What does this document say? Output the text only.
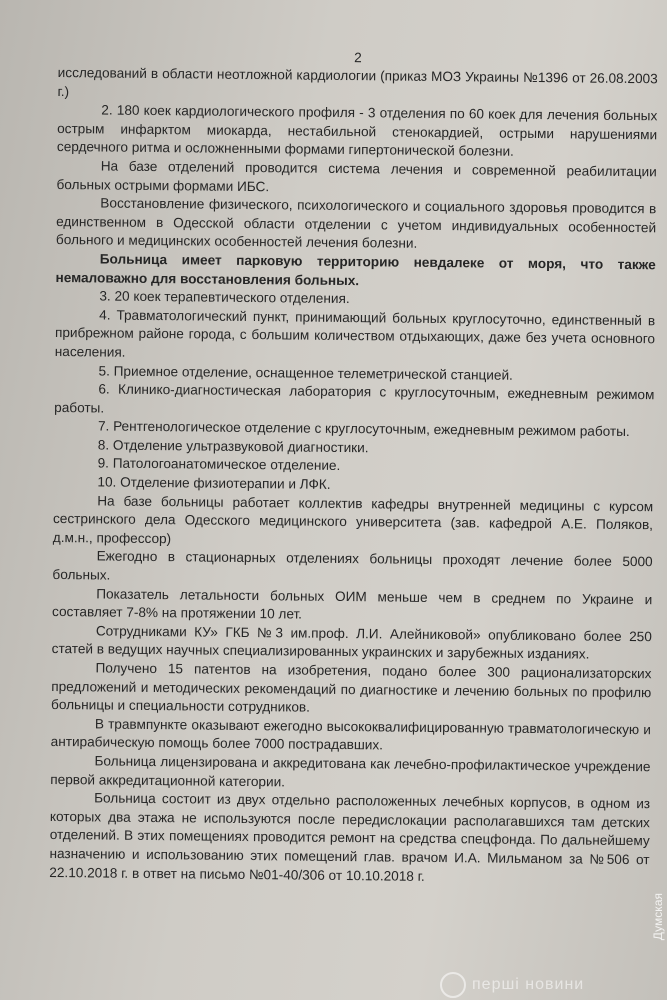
2

исследований в области неотложной кардиологии (приказ МОЗ Украины №1396 от 26.08.2003 г.)

2. 180 коек кардиологического профиля - 3 отделения по 60 коек для лечения больных острым инфарктом миокарда, нестабильной стенокардией, острыми нарушениями сердечного ритма и осложненными формами гипертонической болезни.

На базе отделений проводится система лечения и современной реабилитации больных острыми формами ИБС.

Восстановление физического, психологического и социального здоровья проводится в единственном в Одесской области отделении с учетом индивидуальных особенностей больного и медицинских особенностей лечения болезни.

Больница имеет парковую территорию невдалеке от моря, что также немаловажно для восстановления больных.

3. 20 коек терапевтического отделения.

4. Травматологический пункт, принимающий больных круглосуточно, единственный в прибрежном районе города, с большим количеством отдыхающих, даже без учета основного населения.

5. Приемное отделение, оснащенное телеметрической станцией.

6. Клинико-диагностическая лаборатория с круглосуточным, ежедневным режимом работы.

7. Рентгенологическое отделение с круглосуточным, ежедневным режимом работы.

8. Отделение ультразвуковой диагностики.

9. Патологоанатомическое отделение.

10. Отделение физиотерапии и ЛФК.

На базе больницы работает коллектив кафедры внутренней медицины с курсом сестринского дела Одесского медицинского университета (зав. кафедрой А.Е. Поляков, д.м.н., профессор)

Ежегодно в стационарных отделениях больницы проходят лечение более 5000 больных.

Показатель летальности больных ОИМ меньше чем в среднем по Украине и составляет 7-8% на протяжении 10 лет.

Сотрудниками КУ» ГКБ №3 им.проф. Л.И. Алейниковой» опубликовано более 250 статей в ведущих научных специализированных украинских и зарубежных изданиях.

Получено 15 патентов на изобретения, подано более 300 рационализаторских предложений и методических рекомендаций по диагностике и лечению больных по профилю больницы и специальности сотрудников.

В травмпункте оказывают ежегодно высококвалифицированную травматологическую и антирабическую помощь более 7000 пострадавших.

Больница лицензирована и аккредитована как лечебно-профилактическое учреждение первой аккредитационной категории.

Больница состоит из двух отдельно расположенных лечебных корпусов, в одном из которых два этажа не используются после передислокации располагавшихся там детских отделений. В этих помещениях проводится ремонт на средства спецфонда. По дальнейшему назначению и использованию этих помещений глав. врачом И.А. Мильманом за №506 от 22.10.2018 г. в ответ на письмо №01-40/306 от 10.10.2018 г.

перші новини
Думская
